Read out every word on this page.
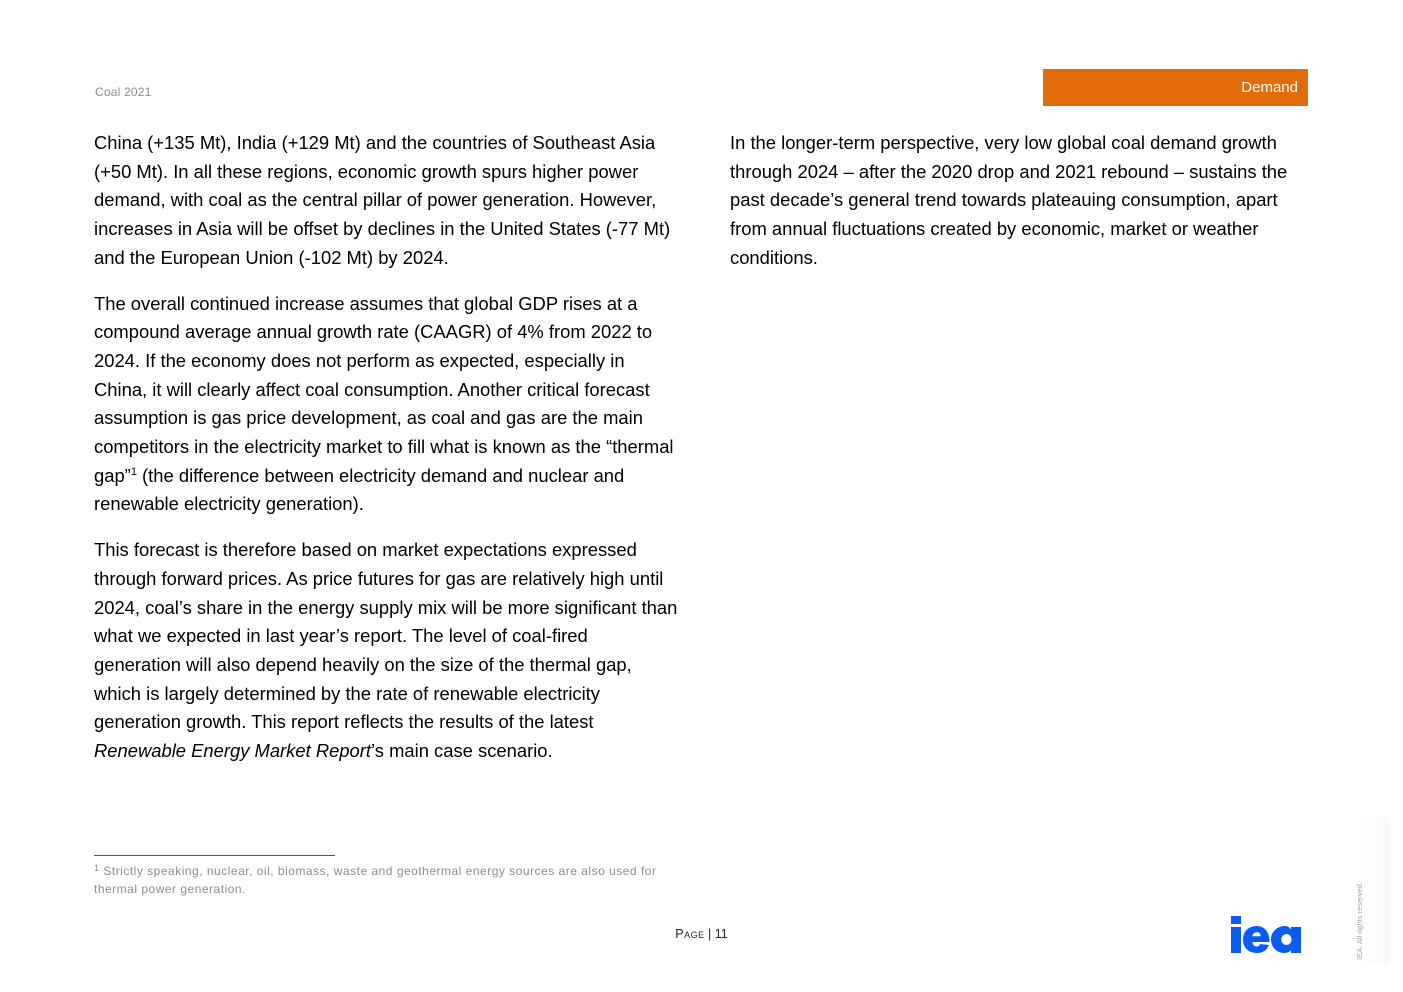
Coal 2021	Demand

China (+135 Mt), India (+129 Mt) and the countries of Southeast Asia (+50 Mt). In all these regions, economic growth spurs higher power demand, with coal as the central pillar of power generation. However, increases in Asia will be offset by declines in the United States (-77 Mt) and the European Union (-102 Mt) by 2024.

The overall continued increase assumes that global GDP rises at a compound average annual growth rate (CAAGR) of 4% from 2022 to 2024. If the economy does not perform as expected, especially in China, it will clearly affect coal consumption. Another critical forecast assumption is gas price development, as coal and gas are the main competitors in the electricity market to fill what is known as the “thermal gap”$^1$ (the difference between electricity demand and nuclear and renewable electricity generation).

This forecast is therefore based on market expectations expressed through forward prices. As price futures for gas are relatively high until 2024, coal’s share in the energy supply mix will be more significant than what we expected in last year’s report. The level of coal-fired generation will also depend heavily on the size of the thermal gap, which is largely determined by the rate of renewable electricity generation growth. This report reflects the results of the latest Renewable Energy Market Report’s main case scenario.

In the longer-term perspective, very low global coal demand growth through 2024 – after the 2020 drop and 2021 rebound – sustains the past decade’s general trend towards plateauing consumption, apart from annual fluctuations created by economic, market or weather conditions.

$^1$ Strictly speaking, nuclear, oil, biomass, waste and geothermal energy sources are also used for thermal power generation.
Page | 11	IEA. All rights reserved.
